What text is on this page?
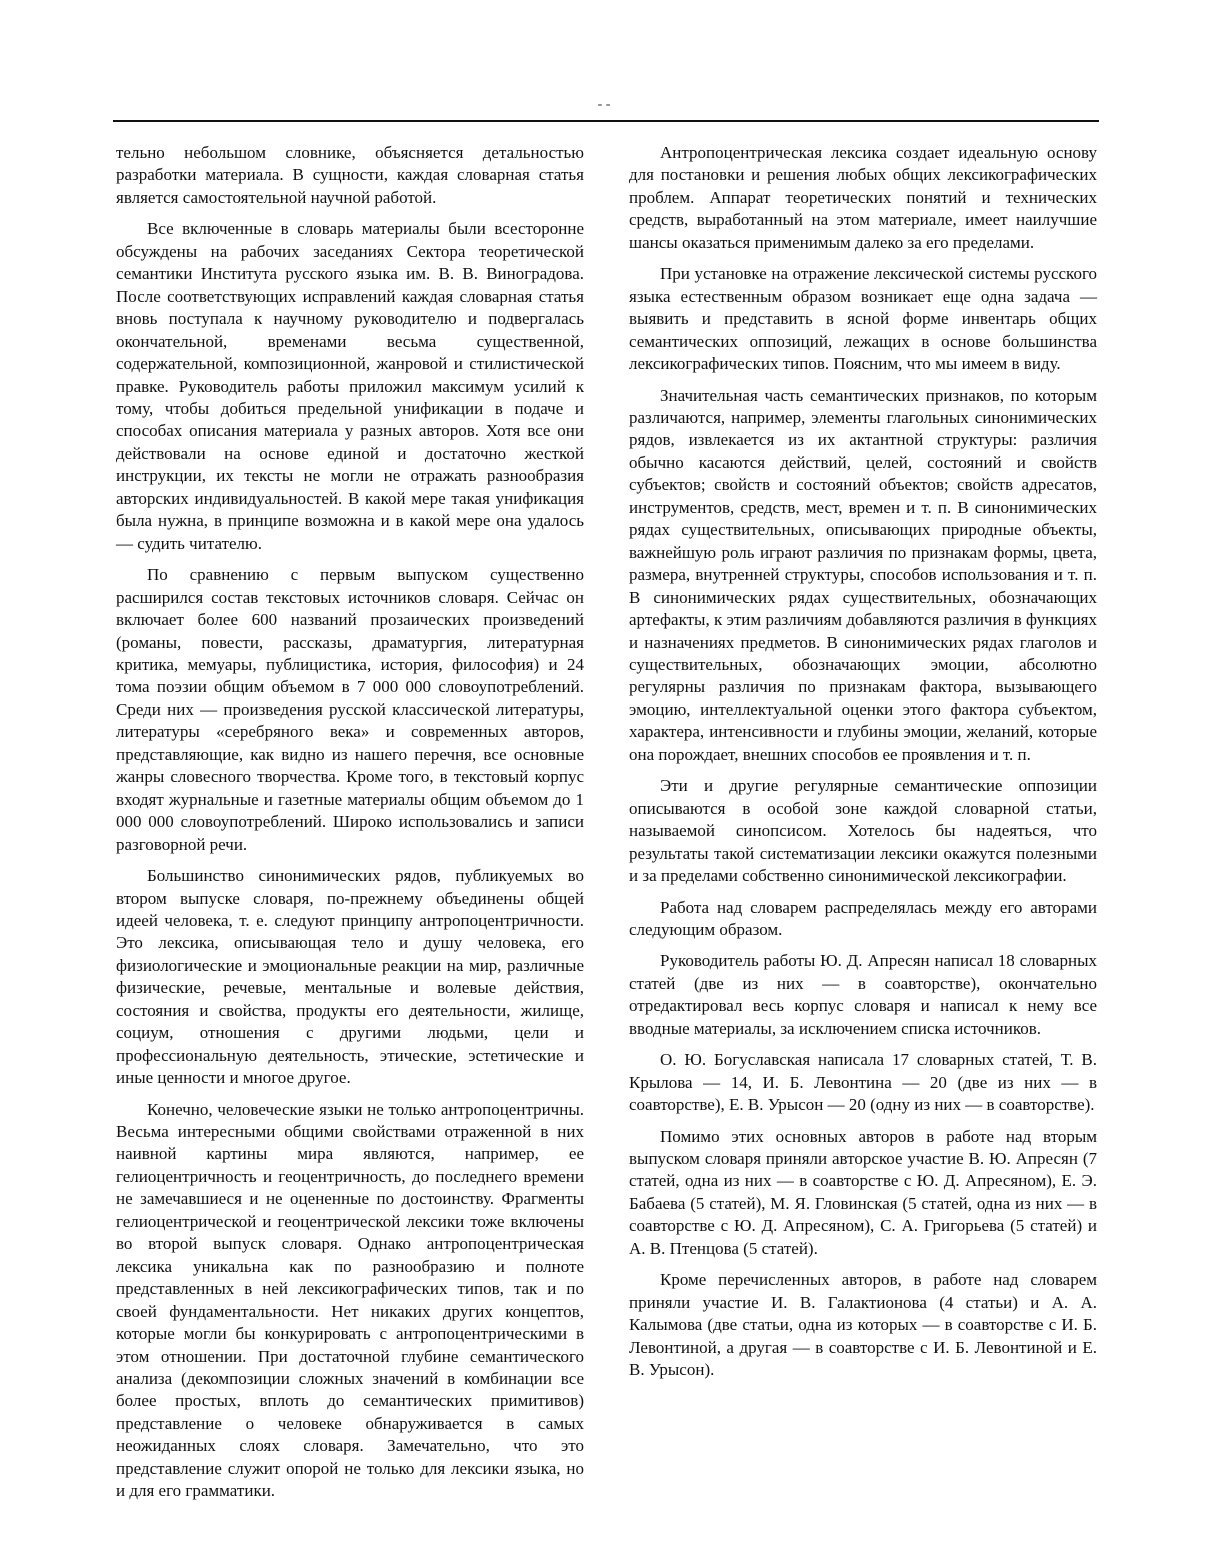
- -

тельно небольшом словнике, объясняется детальностью разработки материала. В сущности, каждая словарная статья является самостоятельной научной работой.

Все включенные в словарь материалы были всесторонне обсуждены на рабочих заседаниях Сектора теоретической семантики Института русского языка им. В. В. Виноградова. После соответствующих исправлений каждая словарная статья вновь поступала к научному руководителю и подвергалась окончательной, временами весьма существенной, содержательной, композиционной, жанровой и стилистической правке. Руководитель работы приложил максимум усилий к тому, чтобы добиться предельной унификации в подаче и способах описания материала у разных авторов. Хотя все они действовали на основе единой и достаточно жесткой инструкции, их тексты не могли не отражать разнообразия авторских индивидуальностей. В какой мере такая унификация была нужна, в принципе возможна и в какой мере она удалось — судить читателю.

По сравнению с первым выпуском существенно расширился состав текстовых источников словаря. Сейчас он включает более 600 названий прозаических произведений (романы, повести, рассказы, драматургия, литературная критика, мемуары, публицистика, история, философия) и 24 тома поэзии общим объемом в 7 000 000 словоупотреблений. Среди них — произведения русской классической литературы, литературы «серебряного века» и современных авторов, представляющие, как видно из нашего перечня, все основные жанры словесного творчества. Кроме того, в текстовый корпус входят журнальные и газетные материалы общим объемом до 1 000 000 словоупотреблений. Широко использовались и записи разговорной речи.

Большинство синонимических рядов, публикуемых во втором выпуске словаря, по-прежнему объединены общей идеей человека, т. е. следуют принципу антропоцентричности. Это лексика, описывающая тело и душу человека, его физиологические и эмоциональные реакции на мир, различные физические, речевые, ментальные и волевые действия, состояния и свойства, продукты его деятельности, жилище, социум, отношения с другими людьми, цели и профессиональную деятельность, этические, эстетические и иные ценности и многое другое.

Конечно, человеческие языки не только антропоцентричны. Весьма интересными общими свойствами отраженной в них наивной картины мира являются, например, ее гелиоцентричность и геоцентричность, до последнего времени не замечавшиеся и не оцененные по достоинству. Фрагменты гелиоцентрической и геоцентрической лексики тоже включены во второй выпуск словаря. Однако антропоцентрическая лексика уникальна как по разнообразию и полноте представленных в ней лексикографических типов, так и по своей фундаментальности. Нет никаких других концептов, которые могли бы конкурировать с антропоцентрическими в этом отношении. При достаточной глубине семантического анализа (декомпозиции сложных значений в комбинации все более простых, вплоть до семантических примитивов) представление о человеке обнаруживается в самых неожиданных слоях словаря. Замечательно, что это представление служит опорой не только для лексики языка, но и для его грамматики.

Антропоцентрическая лексика создает идеальную основу для постановки и решения любых общих лексикографических проблем. Аппарат теоретических понятий и технических средств, выработанный на этом материале, имеет наилучшие шансы оказаться применимым далеко за его пределами.

При установке на отражение лексической системы русского языка естественным образом возникает еще одна задача — выявить и представить в ясной форме инвентарь общих семантических оппозиций, лежащих в основе большинства лексикографических типов. Поясним, что мы имеем в виду.

Значительная часть семантических признаков, по которым различаются, например, элементы глагольных синонимических рядов, извлекается из их актантной структуры: различия обычно касаются действий, целей, состояний и свойств субъектов; свойств и состояний объектов; свойств адресатов, инструментов, средств, мест, времен и т. п. В синонимических рядах существительных, описывающих природные объекты, важнейшую роль играют различия по признакам формы, цвета, размера, внутренней структуры, способов использования и т. п. В синонимических рядах существительных, обозначающих артефакты, к этим различиям добавляются различия в функциях и назначениях предметов. В синонимических рядах глаголов и существительных, обозначающих эмоции, абсолютно регулярны различия по признакам фактора, вызывающего эмоцию, интеллектуальной оценки этого фактора субъектом, характера, интенсивности и глубины эмоции, желаний, которые она порождает, внешних способов ее проявления и т. п.

Эти и другие регулярные семантические оппозиции описываются в особой зоне каждой словарной статьи, называемой синопсисом. Хотелось бы надеяться, что результаты такой систематизации лексики окажутся полезными и за пределами собственно синонимической лексикографии.

Работа над словарем распределялась между его авторами следующим образом.

Руководитель работы Ю. Д. Апресян написал 18 словарных статей (две из них — в соавторстве), окончательно отредактировал весь корпус словаря и написал к нему все вводные материалы, за исключением списка источников.

О. Ю. Богуславская написала 17 словарных статей, Т. В. Крылова — 14, И. Б. Левонтина — 20 (две из них — в соавторстве), Е. В. Урысон — 20 (одну из них — в соавторстве).

Помимо этих основных авторов в работе над вторым выпуском словаря приняли авторское участие В. Ю. Апресян (7 статей, одна из них — в соавторстве с Ю. Д. Апресяном), Е. Э. Бабаева (5 статей), М. Я. Гловинская (5 статей, одна из них — в соавторстве с Ю. Д. Апресяном), С. А. Григорьева (5 статей) и А. В. Птенцова (5 статей).

Кроме перечисленных авторов, в работе над словарем приняли участие И. В. Галактионова (4 статьи) и А. А. Калымова (две статьи, одна из которых — в соавторстве с И. Б. Левонтиной, а другая — в соавторстве с И. Б. Левонтиной и Е. В. Урысон).
